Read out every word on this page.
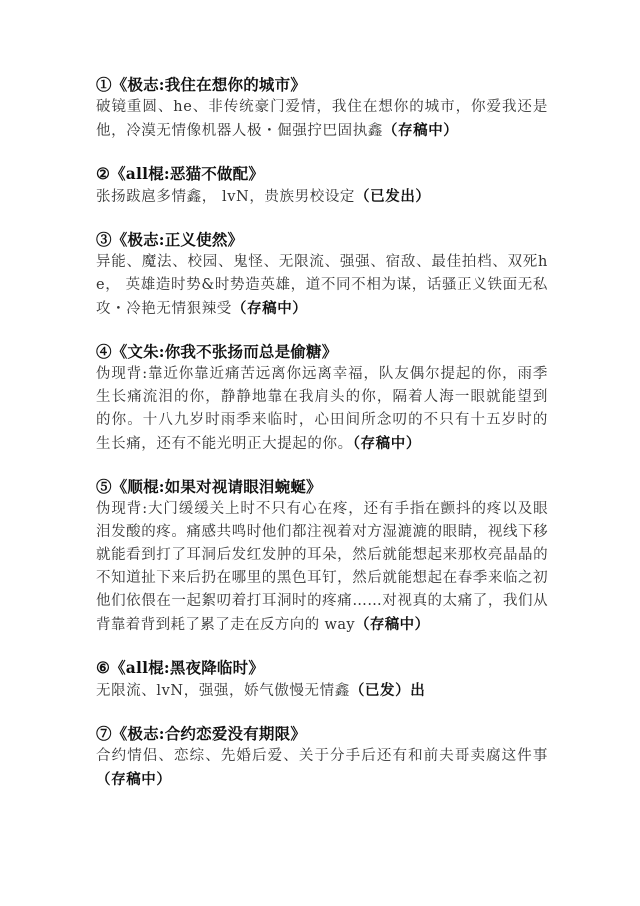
①《极志:我住在想你的城市》
破镜重圆、he、非传统豪门爱情，我住在想你的城市，你爱我还是他，冷漠无情像机器人极・倔强拧巴固执鑫（存稿中）
②《all棍:恶猫不做配》
张扬跋扈多情鑫， lvN，贵族男校设定（已发出）
③《极志:正义使然》
异能、魔法、校园、鬼怪、无限流、强强、宿敌、最佳拍档、双死he， 英雄造时势&时势造英雄，道不同不相为谋，话骚正义铁面无私攻・冷艳无情狠辣受（存稿中）
④《文朱:你我不张扬而总是偷糖》
伪现背:靠近你靠近痛苦远离你远离幸福，队友偶尔提起的你，雨季生长痛流泪的你，静静地靠在我肩头的你，隔着人海一眼就能望到的你。十八九岁时雨季来临时，心田间所念叨的不只有十五岁时的生长痛，还有不能光明正大提起的你。（存稿中）
⑤《顺棍:如果对视请眼泪蜿蜒》
伪现背:大门缓缓关上时不只有心在疼，还有手指在颤抖的疼以及眼泪发酸的疼。痛感共鸣时他们都注视着对方湿漉漉的眼睛，视线下移就能看到打了耳洞后发红发肿的耳朵，然后就能想起来那枚亮晶晶的不知道扯下来后扔在哪里的黑色耳钉，然后就能想起在春季来临之初他们依偎在一起絮叨着打耳洞时的疼痛……对视真的太痛了，我们从背靠着背到耗了累了走在反方向的 way（存稿中）
⑥《all棍:黑夜降临时》
无限流、lvN，强强，娇气傲慢无情鑫（已发）出
⑦《极志:合约恋爱没有期限》
合约情侣、恋综、先婚后爱、关于分手后还有和前夫哥卖腐这件事（存稿中）
